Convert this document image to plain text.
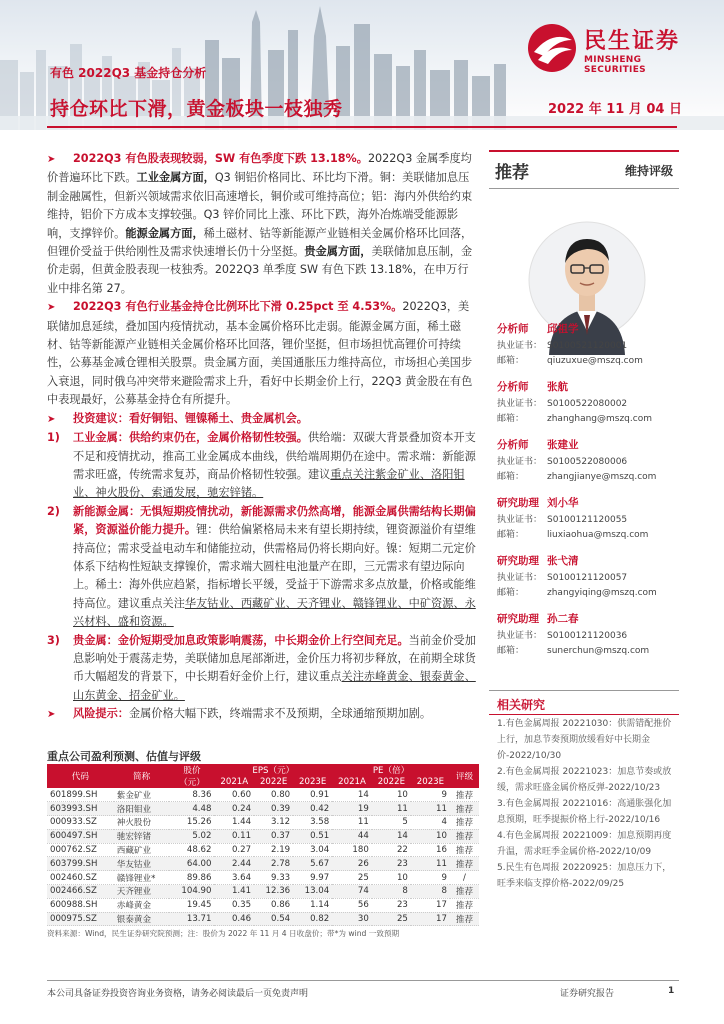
民生证券
MINSHENG SECURITIES
有色 2022Q3 基金持仓分析
持仓环比下滑，黄金板块一枝独秀	2022 年 11 月 04 日

➤ 2022Q3 有色股表现较弱，SW 有色季度下跌 13.18%。2022Q3 金属季度均价普遍环比下跌。工业金属方面，Q3 铜铝价格同比、环比均下滑。铜：美联储加息压制金融属性，但新兴领域需求依旧高速增长，铜价或可维持高位；铝：海内外供给约束维持，铝价下方成本支撑较强。Q3 锌价同比上涨、环比下跌，海外冶炼端受能源影响，支撑锌价。能源金属方面，稀土磁材、钴等新能源产业链相关金属价格环比回落，但锂价受益于供给刚性及需求快速增长仍十分坚挺。贵金属方面，美联储加息压制，金价走弱，但黄金股表现一枝独秀。2022Q3 单季度 SW 有色下跌 13.18%，在申万行业中排名第 27。

➤ 2022Q3 有色行业基金持仓比例环比下滑 0.25pct 至 4.53%。2022Q3，美联储加息延续，叠加国内疫情扰动，基本金属价格环比走弱。能源金属方面，稀土磁材、钴等新能源产业链相关金属价格环比回落，锂价坚挺，但市场担忧高锂价可持续性，公募基金减仓锂相关股票。贵金属方面，美国通胀压力维持高位，市场担心美国步入衰退，同时俄乌冲突带来避险需求上升，看好中长期金价上行，22Q3 黄金股在有色中表现最好，公募基金持仓有所提升。

➤ 投资建议：看好铜铝、锂镍稀土、贵金属机会。

1)	工业金属：供给约束仍在，金属价格韧性较强。供给端：双碳大背景叠加资本开支不足和疫情扰动，推高工业金属成本曲线，供给端周期仍在途中。需求端：新能源需求旺盛，传统需求复苏，商品价格韧性较强。建议重点关注紫金矿业、洛阳钼业、神火股份、索通发展，驰宏锌锗。
2)	新能源金属：无惧短期疫情扰动，新能源需求仍然高增，能源金属供需结构长期偏紧，资源溢价能力提升。锂：供给偏紧格局未来有望长期持续，锂资源溢价有望维持高位；需求受益电动车和储能拉动，供需格局仍将长期向好。镍：短期二元定价体系下结构性短缺支撑镍价，需求端大圆柱电池量产在即，三元需求有望边际向上。稀土：海外供应趋紧，指标增长平缓，受益于下游需求多点放量，价格或能维持高位。建议重点关注华友钴业、西藏矿业、天齐锂业、赣锋锂业、中矿资源、永兴材料、盛和资源。
3)	贵金属：金价短期受加息政策影响震荡，中长期金价上行空间充足。当前金价受加息影响处于震荡走势，美联储加息尾部渐进，金价压力将初步释放，在前期全球货币大幅超发的背景下，中长期看好金价上行，建议重点关注赤峰黄金、银泰黄金、山东黄金、招金矿业。

➤ 风险提示：金属价格大幅下跌，终端需求不及预期，全球通缩预期加剧。

推荐	维持评级
分析师 邱祖学
执业证书： S0100521120001
邮箱：	qiuzuxue@mszq.com
分析师 张航
执业证书： S0100522080002
邮箱：	zhanghang@mszq.com
分析师 张建业
执业证书： S0100522080006
邮箱：	zhangjianye@mszq.com
研究助理 刘小华
执业证书： S0100121120055
邮箱：	liuxiaohua@mszq.com
研究助理 张弋清
执业证书： S0100121120057
邮箱：	zhangyiqing@mszq.com
研究助理 孙二春
执业证书： S0100121120036
邮箱：	sunerchun@mszq.com
相关研究
1.有色金属周报 20221030：供需错配推价上行，加息节奏预期放缓看好中长期金价-2022/10/30
2.有色金属周报 20221023：加息节奏或放缓，需求旺盛金属价格反弹-2022/10/23
3.有色金属周报 20221016：高通胀强化加息预期，旺季提振价格上行-2022/10/16
4.有色金属周报 20221009：加息预期再度升温，需求旺季金属价格-2022/10/09
5.民生有色周报 20220925：加息压力下，旺季来临支撑价格-2022/09/25
重点公司盈利预测、估值与评级
代码	简称	股价	EPS（元）			PE（倍）			评级
		（元）	2021A	2022E	2023E	2021A	2022E	2023E	
601899.SH	紫金矿业	8.36	0.60	0.80	0.91	14	10	9	推荐
603993.SH	洛阳钼业	4.48	0.24	0.39	0.42	19	11	11	推荐
000933.SZ	神火股份	15.26	1.44	3.12	3.58	11	5	4	推荐
600497.SH	驰宏锌锗	5.02	0.11	0.37	0.51	44	14	10	推荐
000762.SZ	西藏矿业	48.62	0.27	2.19	3.04	180	22	16	推荐
603799.SH	华友钴业	64.00	2.44	2.78	5.67	26	23	11	推荐
002460.SZ	赣锋锂业*	89.86	3.64	9.33	9.97	25	10	9	/
002466.SZ	天齐锂业	104.90	1.41	12.36	13.04	74	8	8	推荐
600988.SH	赤峰黄金	19.45	0.35	0.86	1.14	56	23	17	推荐
000975.SZ	银泰黄金	13.71	0.46	0.54	0.82	30	25	17	推荐
资料来源：Wind，民生证券研究院预测；注：股价为 2022 年 11 月 4 日收盘价；带*为 wind 一致预期
本公司具备证券投资咨询业务资格，请务必阅读最后一页免责声明	证券研究报告	1
